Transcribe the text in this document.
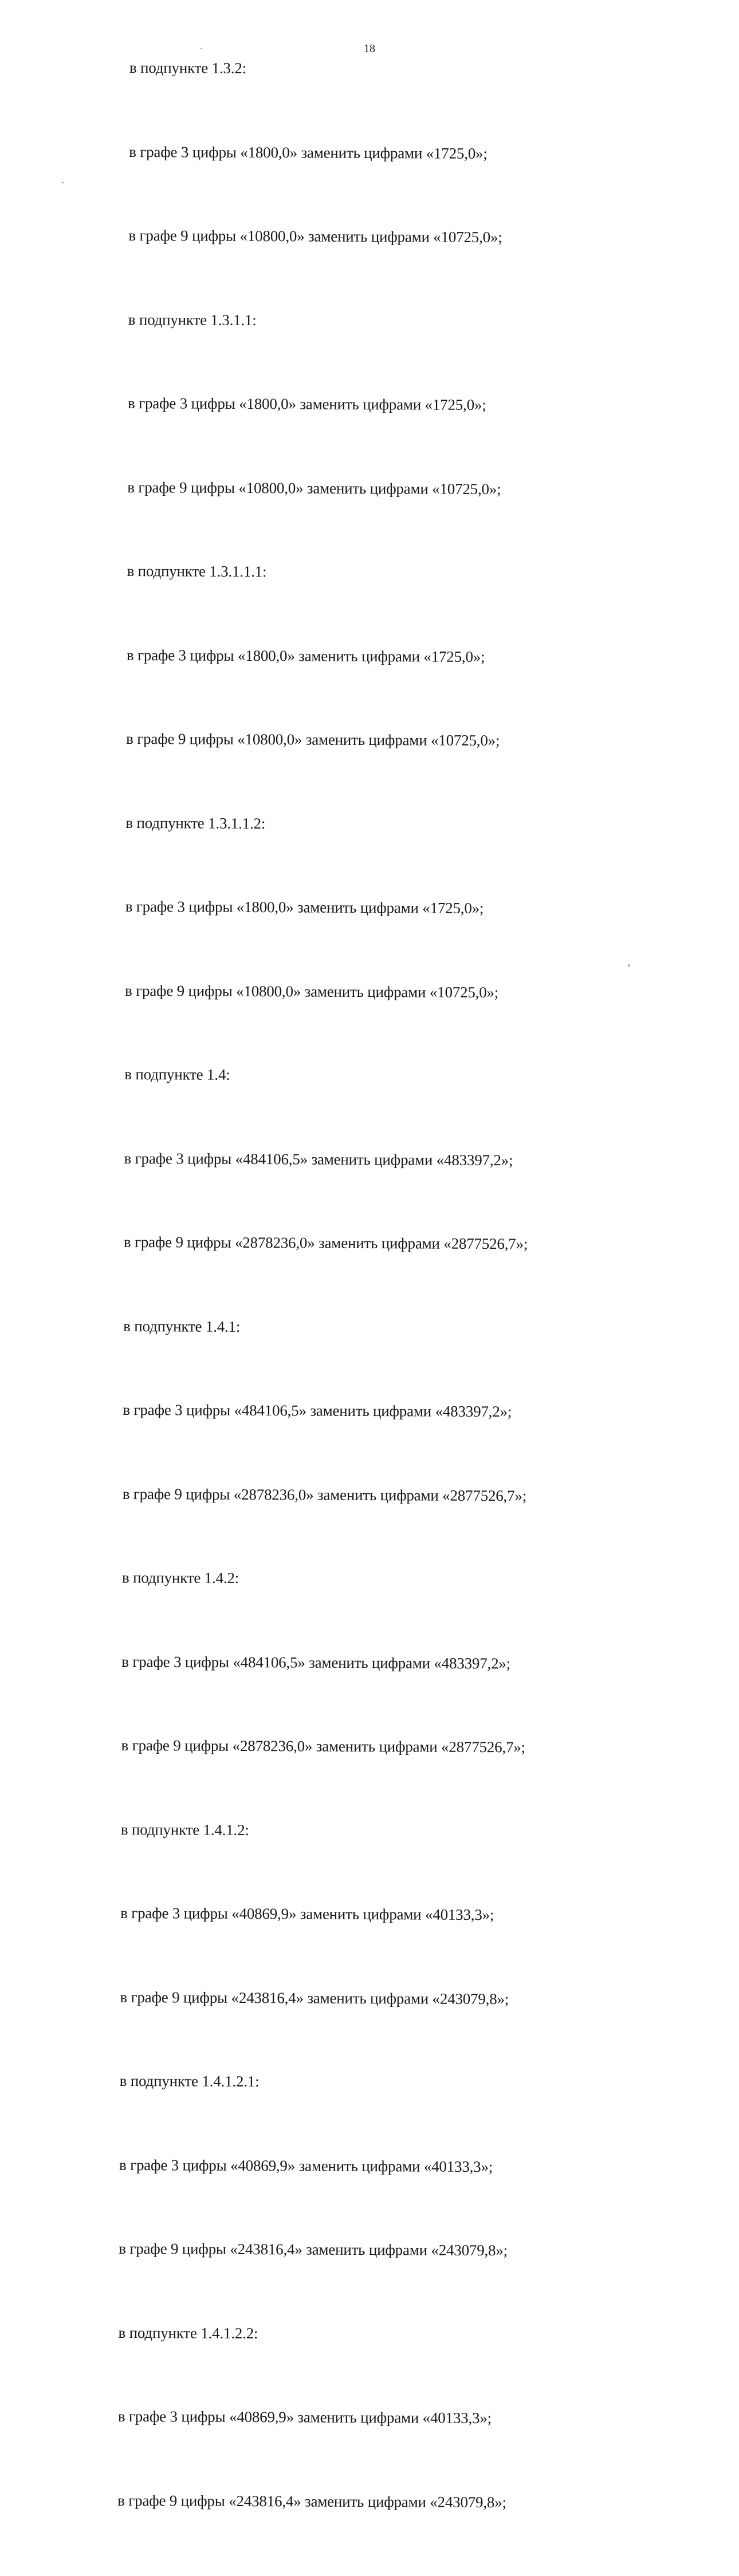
18
в подпункте 1.3.2:
в графе 3 цифры «1800,0» заменить цифрами «1725,0»;
в графе 9 цифры «10800,0» заменить цифрами «10725,0»;
в подпункте 1.3.1.1:
в графе 3 цифры «1800,0» заменить цифрами «1725,0»;
в графе 9 цифры «10800,0» заменить цифрами «10725,0»;
в подпункте 1.3.1.1.1:
в графе 3 цифры «1800,0» заменить цифрами «1725,0»;
в графе 9 цифры «10800,0» заменить цифрами «10725,0»;
в подпункте 1.3.1.1.2:
в графе 3 цифры «1800,0» заменить цифрами «1725,0»;
в графе 9 цифры «10800,0» заменить цифрами «10725,0»;
в подпункте 1.4:
в графе 3 цифры «484106,5» заменить цифрами «483397,2»;
в графе 9 цифры «2878236,0» заменить цифрами «2877526,7»;
в подпункте 1.4.1:
в графе 3 цифры «484106,5» заменить цифрами «483397,2»;
в графе 9 цифры «2878236,0» заменить цифрами «2877526,7»;
в подпункте 1.4.2:
в графе 3 цифры «484106,5» заменить цифрами «483397,2»;
в графе 9 цифры «2878236,0» заменить цифрами «2877526,7»;
в подпункте 1.4.1.2:
в графе 3 цифры «40869,9» заменить цифрами «40133,3»;
в графе 9 цифры «243816,4» заменить цифрами «243079,8»;
в подпункте 1.4.1.2.1:
в графе 3 цифры «40869,9» заменить цифрами «40133,3»;
в графе 9 цифры «243816,4» заменить цифрами «243079,8»;
в подпункте 1.4.1.2.2:
в графе 3 цифры «40869,9» заменить цифрами «40133,3»;
в графе 9 цифры «243816,4» заменить цифрами «243079,8»;
